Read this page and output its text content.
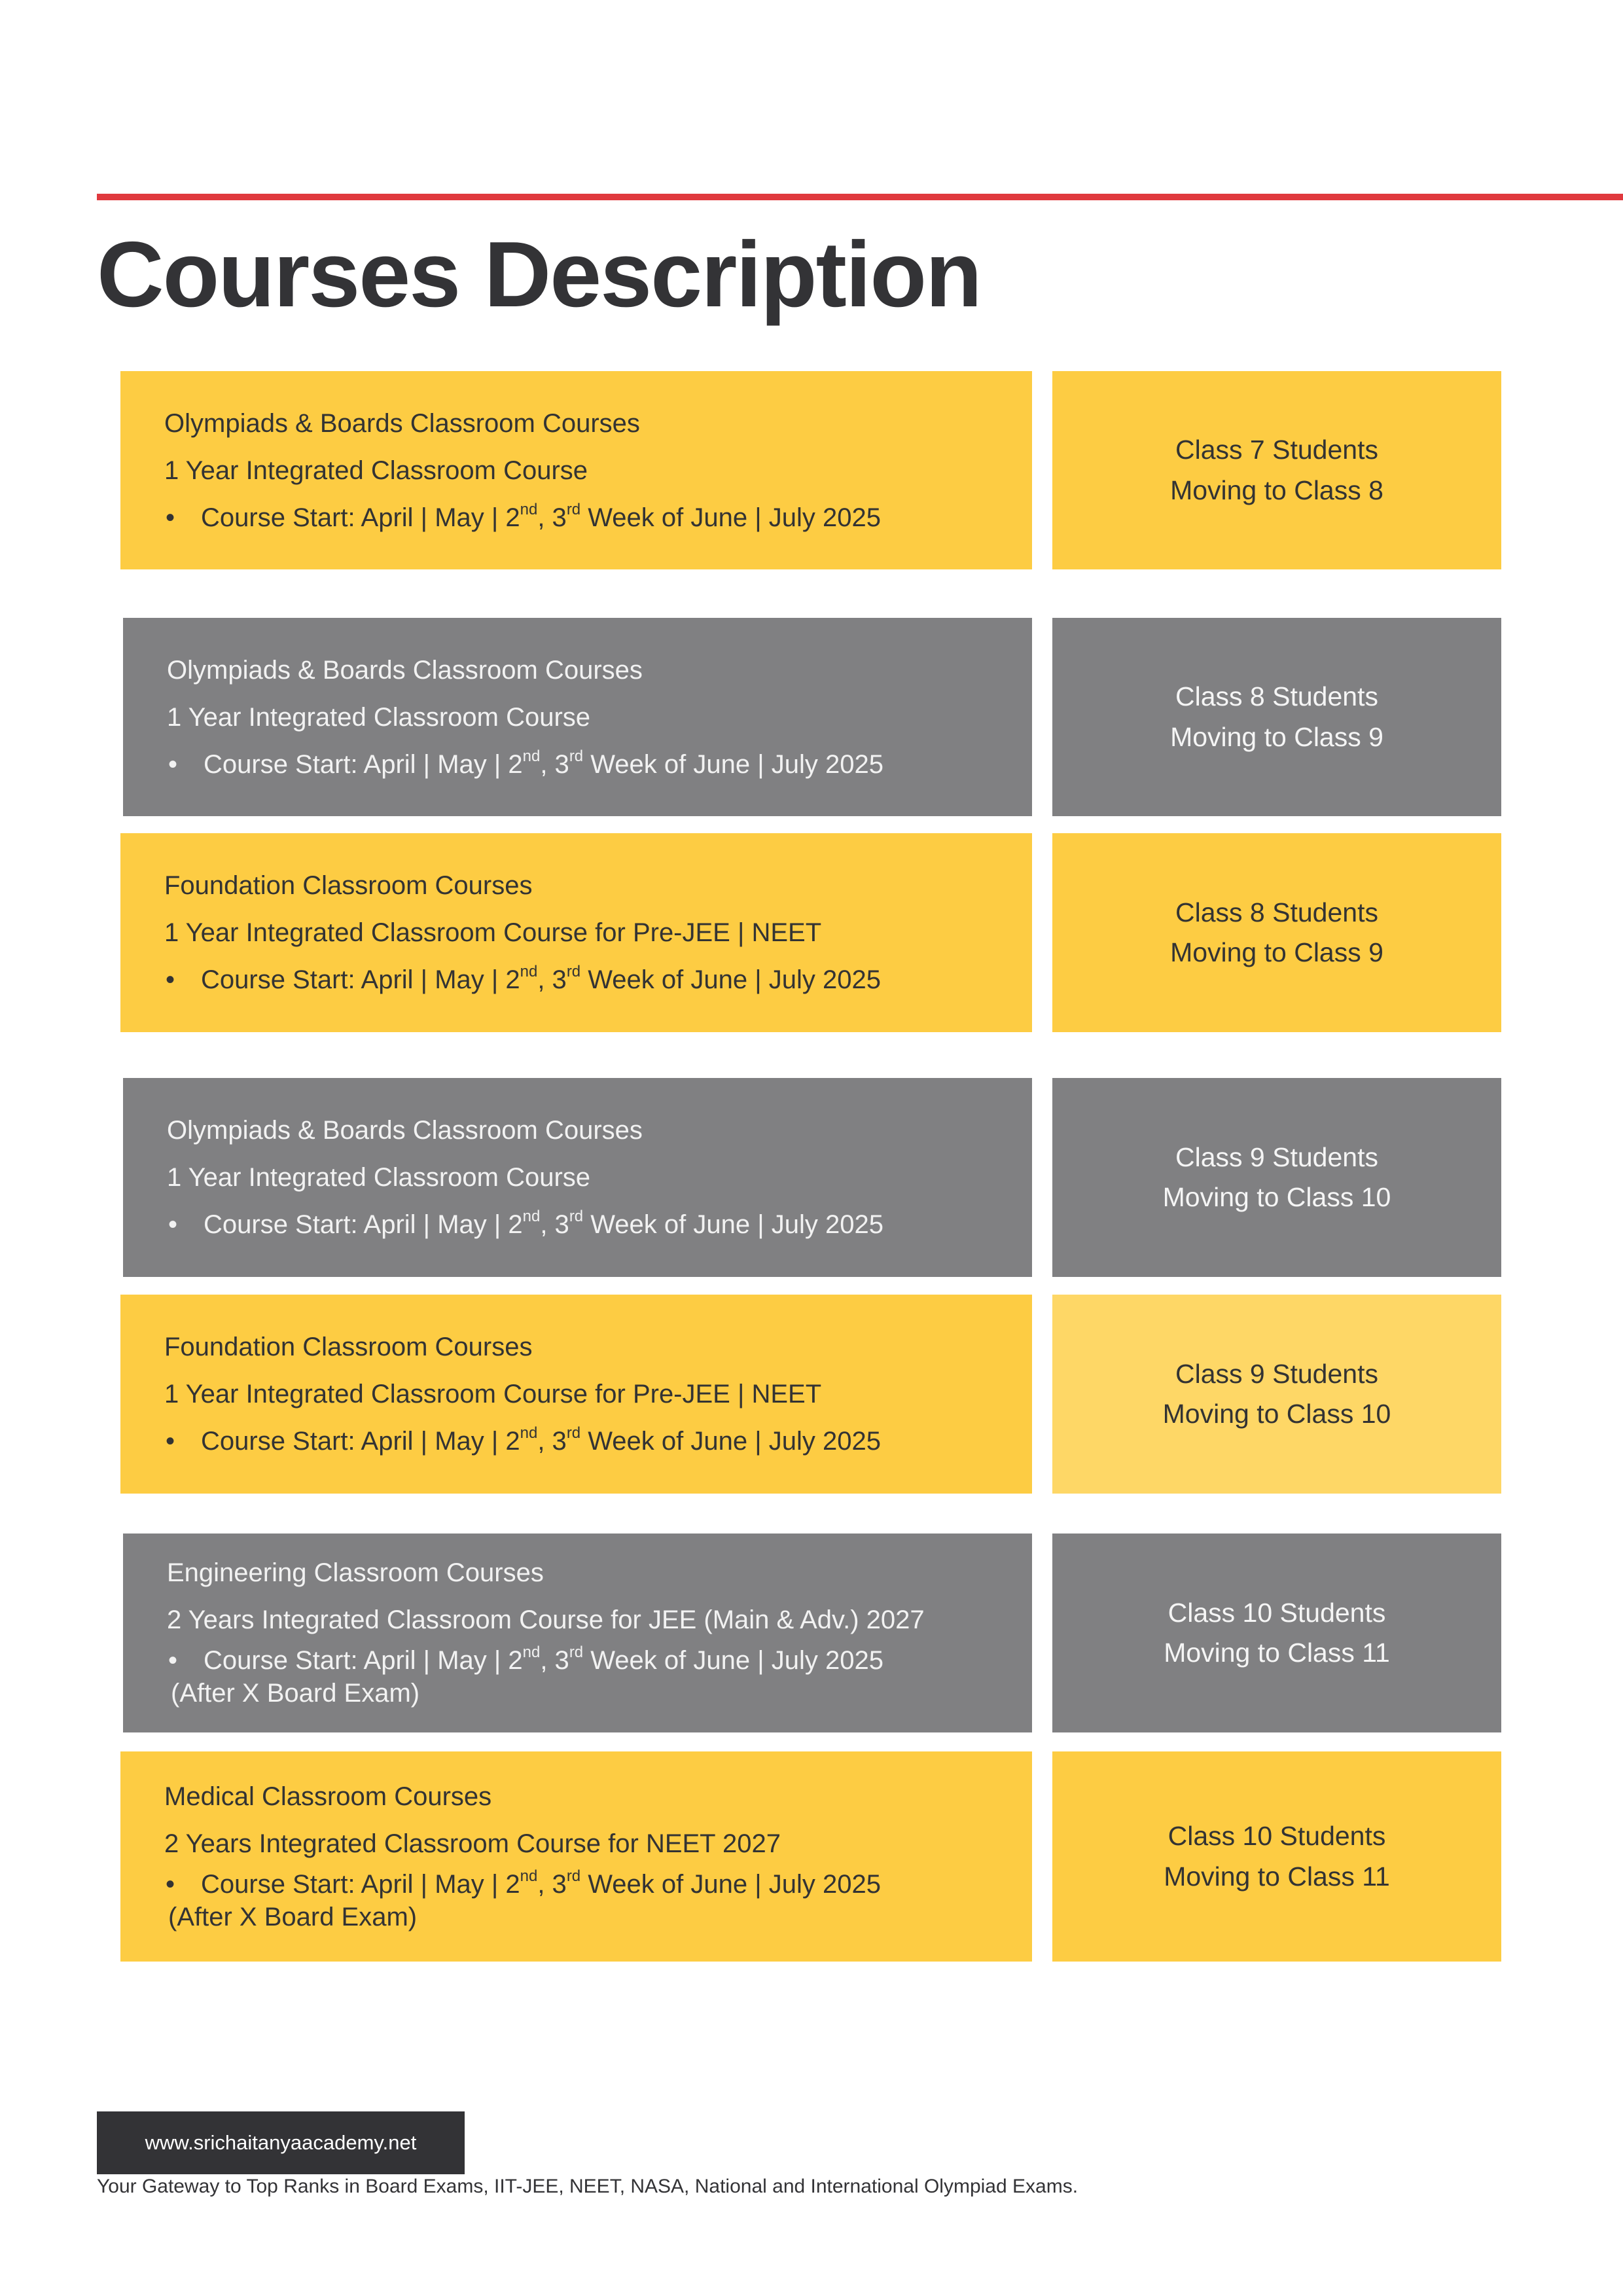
Courses Description
Olympiads & Boards Classroom Courses
1 Year Integrated Classroom Course
• Course Start: April | May | 2nd, 3rd Week of June | July 2025
Class 7 Students
Moving to Class 8
Olympiads & Boards Classroom Courses
1 Year Integrated Classroom Course
• Course Start: April | May | 2nd, 3rd Week of June | July 2025
Class 8 Students
Moving to Class 9
Foundation Classroom Courses
1 Year Integrated Classroom Course for Pre-JEE | NEET
• Course Start: April | May | 2nd, 3rd Week of June | July 2025
Class 8 Students
Moving to Class 9
Olympiads & Boards Classroom Courses
1 Year Integrated Classroom Course
• Course Start: April | May | 2nd, 3rd Week of June | July 2025
Class 9 Students
Moving to Class 10
Foundation Classroom Courses
1 Year Integrated Classroom Course for Pre-JEE | NEET
• Course Start: April | May | 2nd, 3rd Week of June | July 2025
Class 9 Students
Moving to Class 10
Engineering Classroom Courses
2 Years Integrated Classroom Course for JEE (Main & Adv.) 2027
• Course Start: April | May | 2nd, 3rd Week of June | July 2025
(After X Board Exam)
Class 10 Students
Moving to Class 11
Medical Classroom Courses
2 Years Integrated Classroom Course for NEET 2027
• Course Start: April | May | 2nd, 3rd Week of June | July 2025
(After X Board Exam)
Class 10 Students
Moving to Class 11
www.srichaitanyaacademy.net
Your Gateway to Top Ranks in Board Exams, IIT-JEE, NEET, NASA, National and International Olympiad Exams.
